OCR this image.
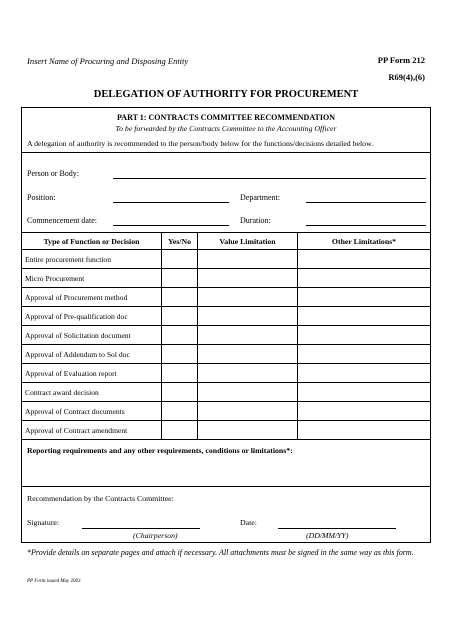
Insert Name of Procuring and Disposing Entity	PP Form 212
R69(4),(6)
DELEGATION OF AUTHORITY FOR PROCUREMENT
PART 1: CONTRACTS COMMITTEE RECOMMENDATION
To be forwarded by the Contracts Committee to the Accounting Officer
A delegation of authority is recommended to the person/body below for the functions/decisions detailed below.
Person or Body:
Position:	Department:
Commencement date:	Duration:
Type of Function or Decision	Yes/No	Value Limitation	Other Limitations*
Entire procurement function			
Micro Procurement			
Approval of Procurement method			
Approval of Pre-qualification doc			
Approval of Solicitation document			
Approval of Addendum to Sol doc			
Approval of Evaluation report			
Contract award decision			
Approval of Contract documents			
Approval of Contract amendment			
Reporting requirements and any other requirements, conditions or limitations*:
Recommendation by the Contracts Committee:
Signature:
(Chairperson)
Date:
(DD/MM/YY)
*Provide details on separate pages and attach if necessary. All attachments must be signed in the same way as this form.
PP Form issued May 2003
